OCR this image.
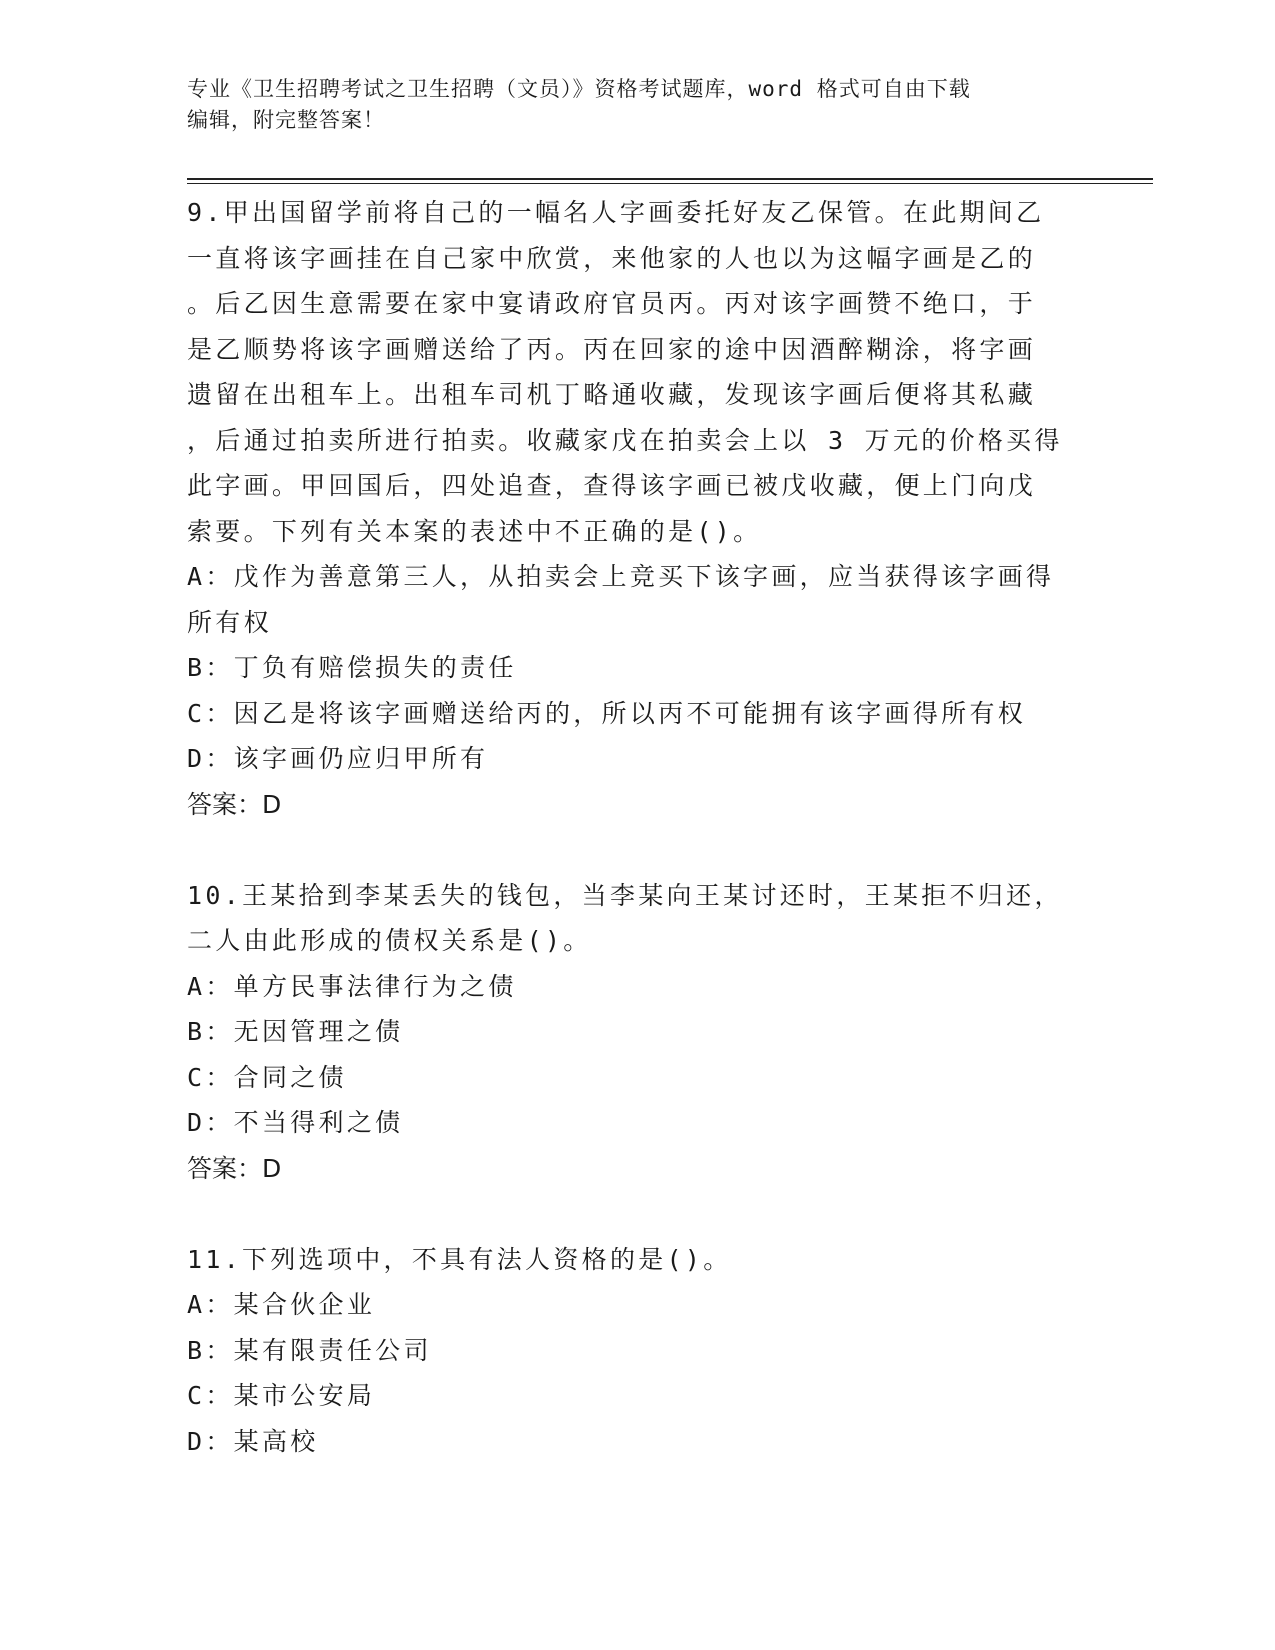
专业《卫生招聘考试之卫生招聘（文员）》资格考试题库，word 格式可自由下载
编辑，附完整答案！
9.甲出国留学前将自己的一幅名人字画委托好友乙保管。在此期间乙
一直将该字画挂在自己家中欣赏，来他家的人也以为这幅字画是乙的
。后乙因生意需要在家中宴请政府官员丙。丙对该字画赞不绝口，于
是乙顺势将该字画赠送给了丙。丙在回家的途中因酒醉糊涂，将字画
遗留在出租车上。出租车司机丁略通收藏，发现该字画后便将其私藏
，后通过拍卖所进行拍卖。收藏家戊在拍卖会上以 3 万元的价格买得
此字画。甲回国后，四处追查，查得该字画已被戊收藏，便上门向戊
索要。下列有关本案的表述中不正确的是()。
A：戊作为善意第三人，从拍卖会上竞买下该字画，应当获得该字画得
所有权
B：丁负有赔偿损失的责任
C：因乙是将该字画赠送给丙的，所以丙不可能拥有该字画得所有权
D：该字画仍应归甲所有
答案：D
10.王某拾到李某丢失的钱包，当李某向王某讨还时，王某拒不归还，
二人由此形成的债权关系是()。
A：单方民事法律行为之债
B：无因管理之债
C：合同之债
D：不当得利之债
答案：D
11.下列选项中，不具有法人资格的是()。
A：某合伙企业
B：某有限责任公司
C：某市公安局
D：某高校
